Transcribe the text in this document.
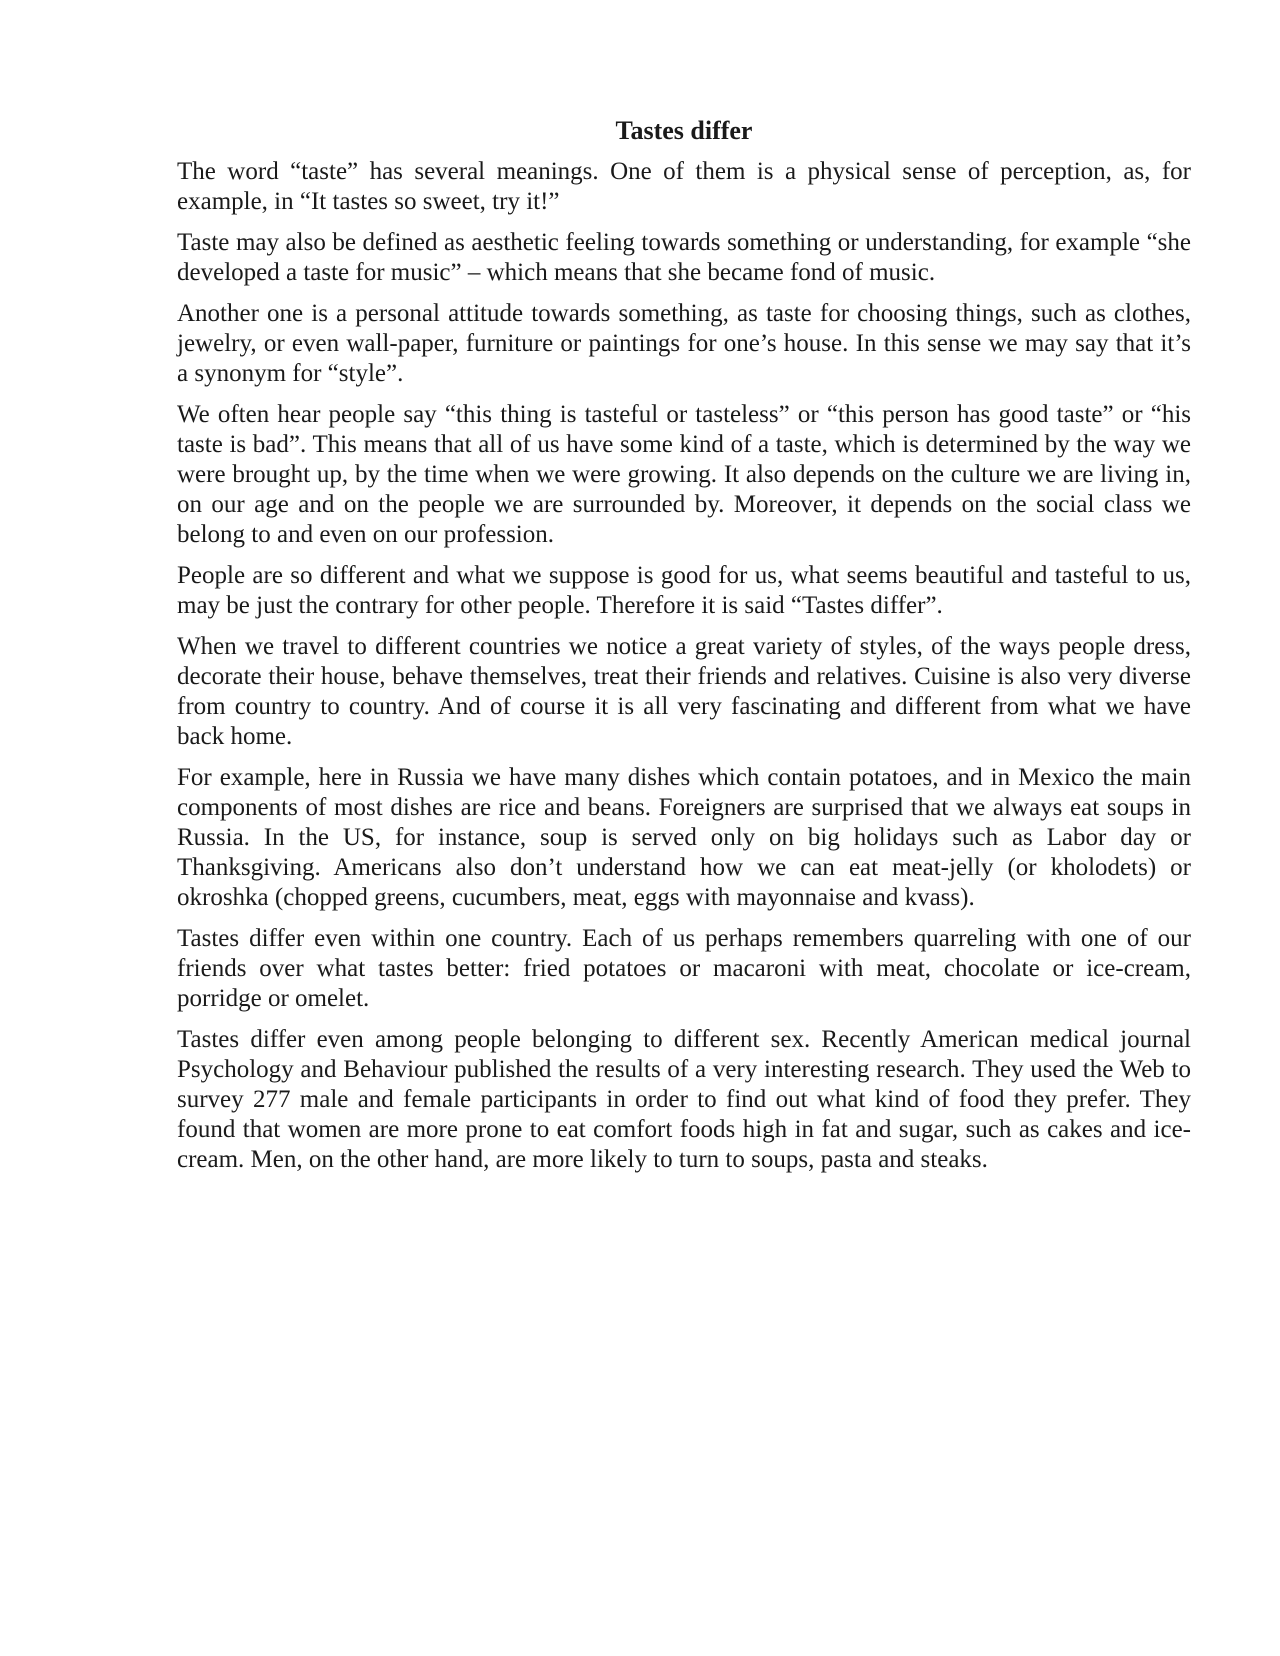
Tastes differ

The word “taste” has several meanings. One of them is a physical sense of perception, as, for example, in “It tastes so sweet, try it!”

Taste may also be defined as aesthetic feeling towards something or understanding, for example “she developed a taste for music” – which means that she became fond of music.

Another one is a personal attitude towards something, as taste for choosing things, such as clothes, jewelry, or even wall-paper, furniture or paintings for one’s house. In this sense we may say that it’s a synonym for “style”.

We often hear people say “this thing is tasteful or tasteless” or “this person has good taste” or “his taste is bad”. This means that all of us have some kind of a taste, which is determined by the way we were brought up, by the time when we were growing. It also depends on the culture we are living in, on our age and on the people we are surrounded by. Moreover, it depends on the social class we belong to and even on our profession.

People are so different and what we suppose is good for us, what seems beautiful and tasteful to us, may be just the contrary for other people. Therefore it is said “Tastes differ”.

When we travel to different countries we notice a great variety of styles, of the ways people dress, decorate their house, behave themselves, treat their friends and relatives. Cuisine is also very diverse from country to country. And of course it is all very fascinating and different from what we have back home.

For example, here in Russia we have many dishes which contain potatoes, and in Mexico the main components of most dishes are rice and beans. Foreigners are surprised that we always eat soups in Russia. In the US, for instance, soup is served only on big holidays such as Labor day or Thanksgiving. Americans also don’t understand how we can eat meat-jelly (or kholodets) or okroshka (chopped greens, cucumbers, meat, eggs with mayonnaise and kvass).

Tastes differ even within one country. Each of us perhaps remembers quarreling with one of our friends over what tastes better: fried potatoes or macaroni with meat, chocolate or ice-cream, porridge or omelet.

Tastes differ even among people belonging to different sex. Recently American medical journal Psychology and Behaviour published the results of a very interesting research. They used the Web to survey 277 male and female participants in order to find out what kind of food they prefer. They found that women are more prone to eat comfort foods high in fat and sugar, such as cakes and ice-cream. Men, on the other hand, are more likely to turn to soups, pasta and steaks.
